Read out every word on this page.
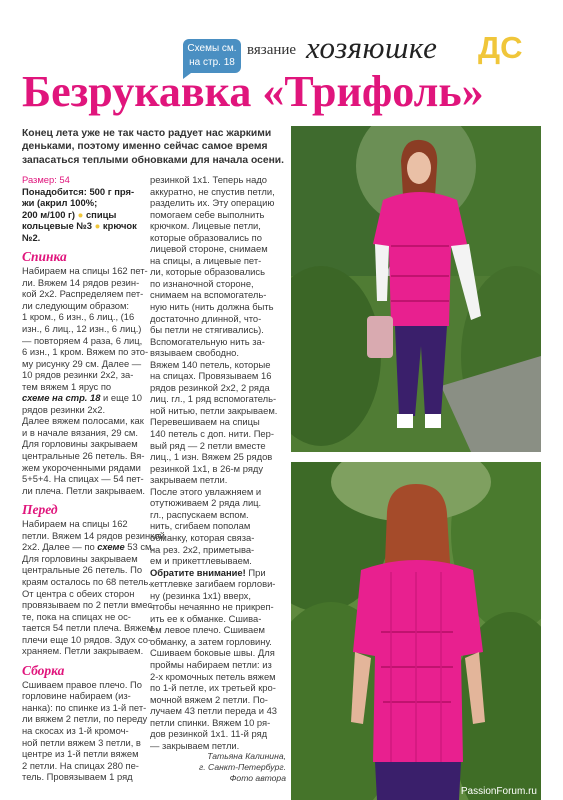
Схемы см.
на стр. 18
вязание хозяюшке ДС
Безрукавка «Трифоль»
Конец лета уже не так часто радует нас жаркими
деньками, поэтому именно сейчас самое время
запасаться теплыми обновками для начала осени.
Размер: 54
Понадобится: 500 г пря-
жи (акрил 100%;
200 м/100 г) ● спицы
кольцевые №3 ● крючок
№2.
Спинка
Набираем на спицы 162 пет-
ли. Вяжем 14 рядов резин-
кой 2х2. Распределяем пет-
ли следующим образом:
1 кром., 6 изн., 6 лиц., (16
изн., 6 лиц., 12 изн., 6 лиц.)
— повторяем 4 раза, 6 лиц,
6 изн., 1 кром. Вяжем по это-
му рисунку 29 см. Далее —
10 рядов резинки 2х2, за-
тем вяжем 1 ярус по
схеме на стр. 18 и еще 10
рядов резинки 2х2.
Далее вяжем полосами, как
и в начале вязания, 29 см.
Для горловины закрываем
центральные 26 петель. Вя-
жем укороченными рядами
5+5+4. На спицах — 54 пет-
ли плеча. Петли закрываем.
Перед
Набираем на спицы 162
петли. Вяжем 14 рядов резинкой
2х2. Далее — по схеме 53 см.
Для горловины закрываем
центральные 26 петель. По
краям осталось по 68 петель.
От центра с обеих сторон
провязываем по 2 петли вмес-
те, пока на спицах не ос-
тается 54 петли плеча. Вяжем
плечи еще 10 рядов. Здух со-
храняем. Петли закрываем.
Сборка
Сшиваем правое плечо. По
горловине набираем (из-
нанка): по спинке из 1-й пет-
ли вяжем 2 петли, по переду
на скосах из 1-й кромоч-
ной петли вяжем 3 петли, в
центре из 1-й петли вяжем
2 петли. На спицах 280 пе-
тель. Провязываем 1 ряд
резинкой 1х1. Теперь надо
аккуратно, не спустив петли,
разделить их. Эту операцию
помогаем себе выполнить
крючком. Лицевые петли,
которые образовались по
лицевой стороне, снимаем
на спицы, а лицевые пет-
ли, которые образовались
по изнаночной стороне,
снимаем на вспомогатель-
ную нить (нить должна быть
достаточно длинной, что-
бы петли не стягивались).
Вспомогательную нить за-
вязываем свободно.
Вяжем 140 петель, которые
на спицах. Провязываем 16
рядов резинкой 2х2, 2 ряда
лиц. гл., 1 ряд вспомогатель-
ной нитью, петли закрываем.
Перевешиваем на спицы
140 петель с доп. нити. Пер-
вый ряд — 2 петли вместе
лиц., 1 изн. Вяжем 25 рядов
резинкой 1х1, в 26-м ряду
закрываем петли.
После этого увлажняем и
отутюживаем 2 ряда лиц.
гл., распускаем вспом.
нить, сгибаем пополам
обманку, которая связа-
на рез. 2х2, приметыва-
ем и прикеттлевываем.
Обратите внимание! При
кеттлевке загибаем горлови-
ну (резинка 1х1) вверх,
чтобы нечаянно не прикреп-
ить ее к обманке. Сшива-
ем левое плечо. Сшиваем
обманку, а затем горловину.
Сшиваем боковые швы. Для
проймы набираем петли: из
2-х кромочных петель вяжем
по 1-й петле, их третьей кро-
мочной вяжем 2 петли. По-
лучаем 43 петли переда и 43
петли спинки. Вяжем 10 ря-
дов резинкой 1х1. 11-й ряд
— закрываем петли.
Татьяна Калинина,
г. Санкт-Петербург.
Фото автора
PassionForum.ru
